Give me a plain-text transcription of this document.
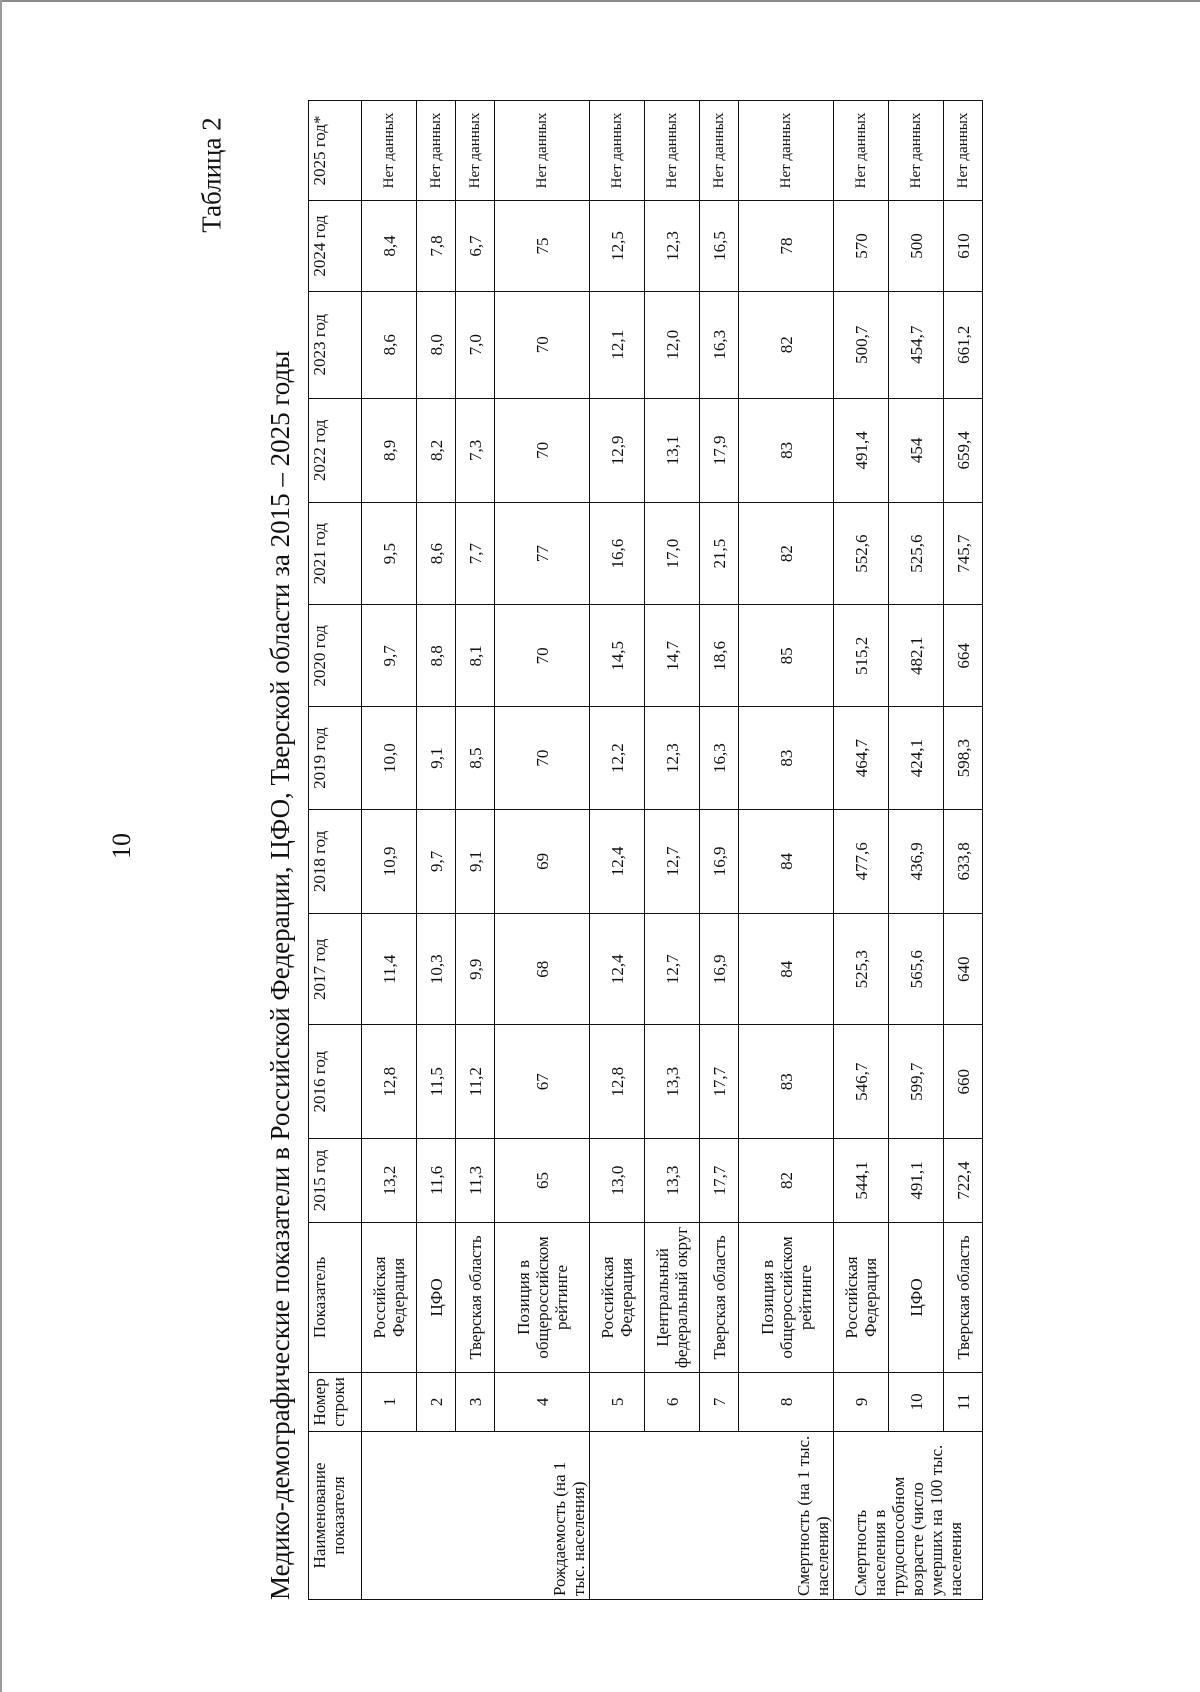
10
Таблица 2
Медико-демографические показатели в Российской Федерации, ЦФО, Тверской области за 2015 – 2025 годы Наименование показателя	Номер строки	Показатель	2015 год	2016 год	2017 год	2018 год	2019 год	2020 год	2021 год	2022 год	2023 год	2024 год	2025 год*
Рождаемость (на 1 тыс. населения)	1	Российская Федерация	13,2	12,8	11,4	10,9	10,0	9,7	9,5	8,9	8,6	8,4	Нет данных
	2	ЦФО	11,6	11,5	10,3	9,7	9,1	8,8	8,6	8,2	8,0	7,8	Нет данных
	3	Тверская область	11,3	11,2	9,9	9,1	8,5	8,1	7,7	7,3	7,0	6,7	Нет данных
	4	Позиция в общероссийском рейтинге	65	67	68	69	70	70	77	70	70	75	Нет данных
Смертность (на 1 тыс. населения)	5	Российская Федерация	13,0	12,8	12,4	12,4	12,2	14,5	16,6	12,9	12,1	12,5	Нет данных
	6	Центральный федеральный округ	13,3	13,3	12,7	12,7	12,3	14,7	17,0	13,1	12,0	12,3	Нет данных
	7	Тверская область	17,7	17,7	16,9	16,9	16,3	18,6	21,5	17,9	16,3	16,5	Нет данных
	8	Позиция в общероссийском рейтинге	82	83	84	84	83	85	82	83	82	78	Нет данных
Смертность населения в трудоспособном возрасте (число умерших на 100 тыс. населения	9	Российская Федерация	544,1	546,7	525,3	477,6	464,7	515,2	552,6	491,4	500,7	570	Нет данных
	10	ЦФО	491,1	599,7	565,6	436,9	424,1	482,1	525,6	454	454,7	500	Нет данных
	11	Тверская область	722,4	660	640	633,8	598,3	664	745,7	659,4	661,2	610	Нет данных
